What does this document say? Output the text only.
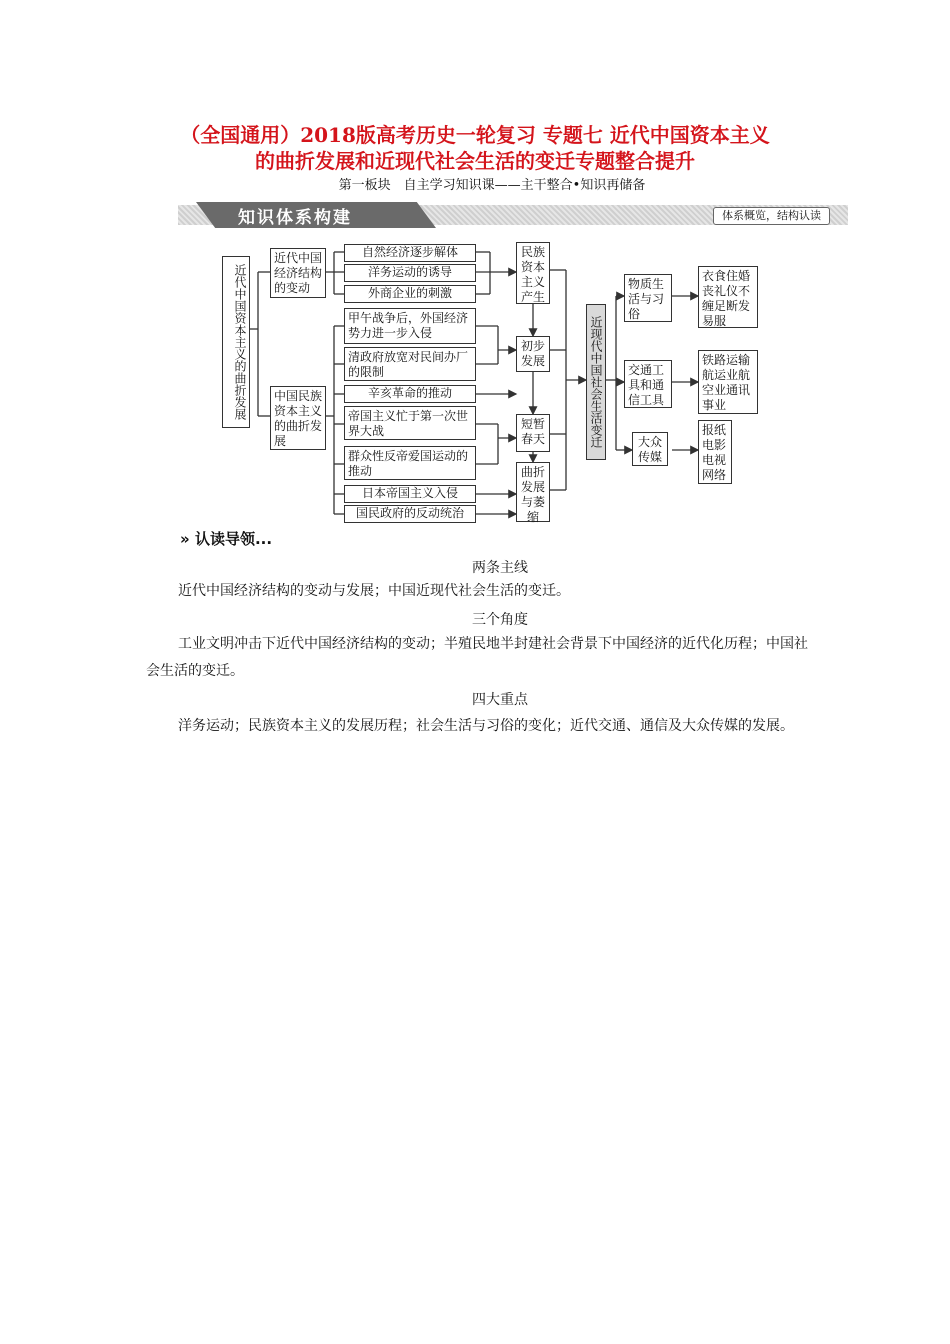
（全国通用）2018版高考历史一轮复习 专题七 近代中国资本主义
的曲折发展和近现代社会生活的变迁专题整合提升
第一板块　自主学习知识课——主干整合•知识再储备
知识体系构建	体系概览，结构认读
近代中国资本主义的曲折发展
近代中国经济结构的变动
中国民族资本主义的曲折发展
自然经济逐步解体
洋务运动的诱导
外商企业的刺激
甲午战争后，外国经济势力进一步入侵
清政府放宽对民间办厂的限制
辛亥革命的推动
帝国主义忙于第一次世界大战
群众性反帝爱国运动的推动
日本帝国主义入侵
国民政府的反动统治
民族资本主义产生
初步发展
短暂春天
曲折发展与萎缩
近现代中国社会生活变迁
物质生活与习俗
交通工具和通信工具
大众传媒
衣食住婚丧礼仪不缠足断发易服
铁路运输航运业航空业通讯事业
报纸电影电视网络
» 认读导领...
两条主线

近代中国经济结构的变动与发展；中国近现代社会生活的变迁。

三个角度

工业文明冲击下近代中国经济结构的变动；半殖民地半封建社会背景下中国经济的近代化历程；中国社会生活的变迁。

四大重点

洋务运动；民族资本主义的发展历程；社会生活与习俗的变化；近代交通、通信及大众传媒的发展。
